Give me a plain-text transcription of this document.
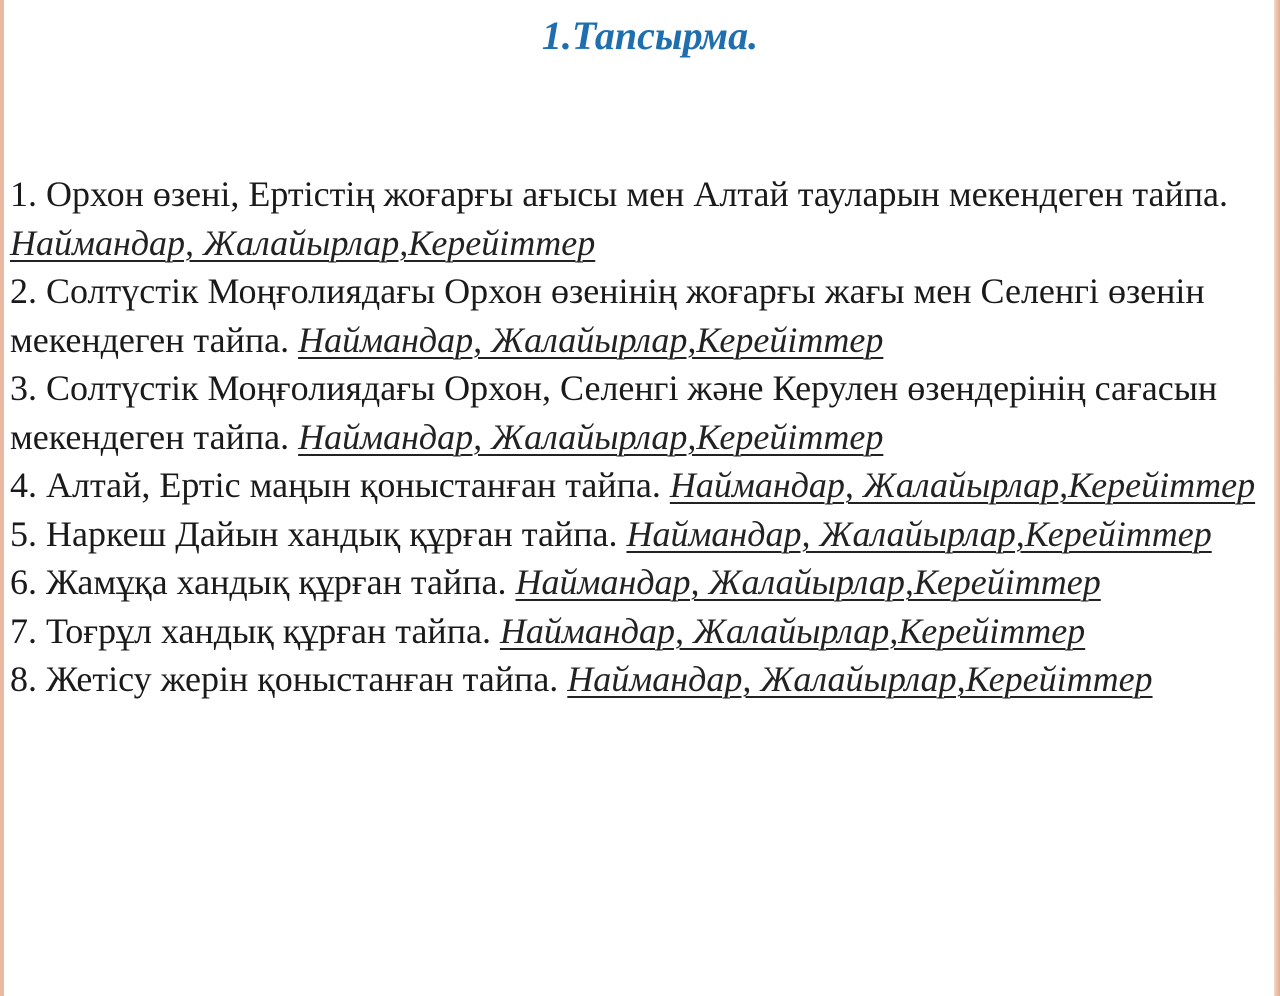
1.Тапсырма.
1. Орхон өзені, Ертістің жоғарғы ағысы мен Алтай тауларын мекендеген тайпа. Наймандар, Жалайырлар,Керейіттер
2. Солтүстік Моңғолиядағы Орхон өзенінің жоғарғы жағы мен Селенгі өзенін мекендеген тайпа. Наймандар, Жалайырлар,Керейіттер
3. Солтүстік Моңғолиядағы Орхон, Селенгі және Керулен өзендерінің сағасын мекендеген тайпа. Наймандар, Жалайырлар,Керейіттер
4. Алтай, Ертіс маңын қоныстанған тайпа. Наймандар, Жалайырлар,Керейіттер
5. Наркеш Дайын хандық құрған тайпа. Наймандар, Жалайырлар,Керейіттер
6. Жамұқа хандық құрған тайпа. Наймандар, Жалайырлар,Керейіттер
7. Тоғрұл хандық құрған тайпа. Наймандар, Жалайырлар,Керейіттер
8. Жетісу жерін қоныстанған тайпа. Наймандар, Жалайырлар,Керейіттер
